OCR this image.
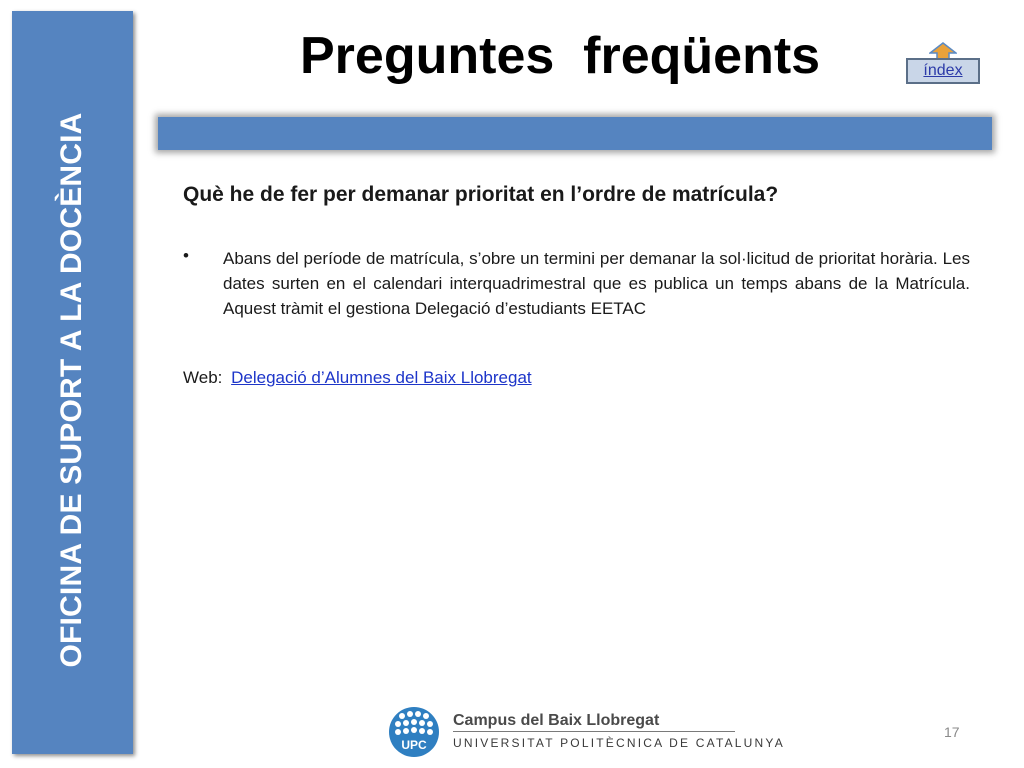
OFICINA DE SUPORT A LA DOCÈNCIA
Preguntes  freqüents	índex
Què he de fer per demanar prioritat en l’ordre de matrícula?
• Abans del període de matrícula, s’obre un termini per demanar la sol·licitud de prioritat horària. Les dates surten en el calendari interquadrimestral que es publica un temps abans de la Matrícula. Aquest tràmit el gestiona Delegació d’estudiants EETAC
Web: Delegació d’Alumnes del Baix Llobregat
UPC
Campus del Baix Llobregat
UNIVERSITAT POLITÈCNICA DE CATALUNYA
17
